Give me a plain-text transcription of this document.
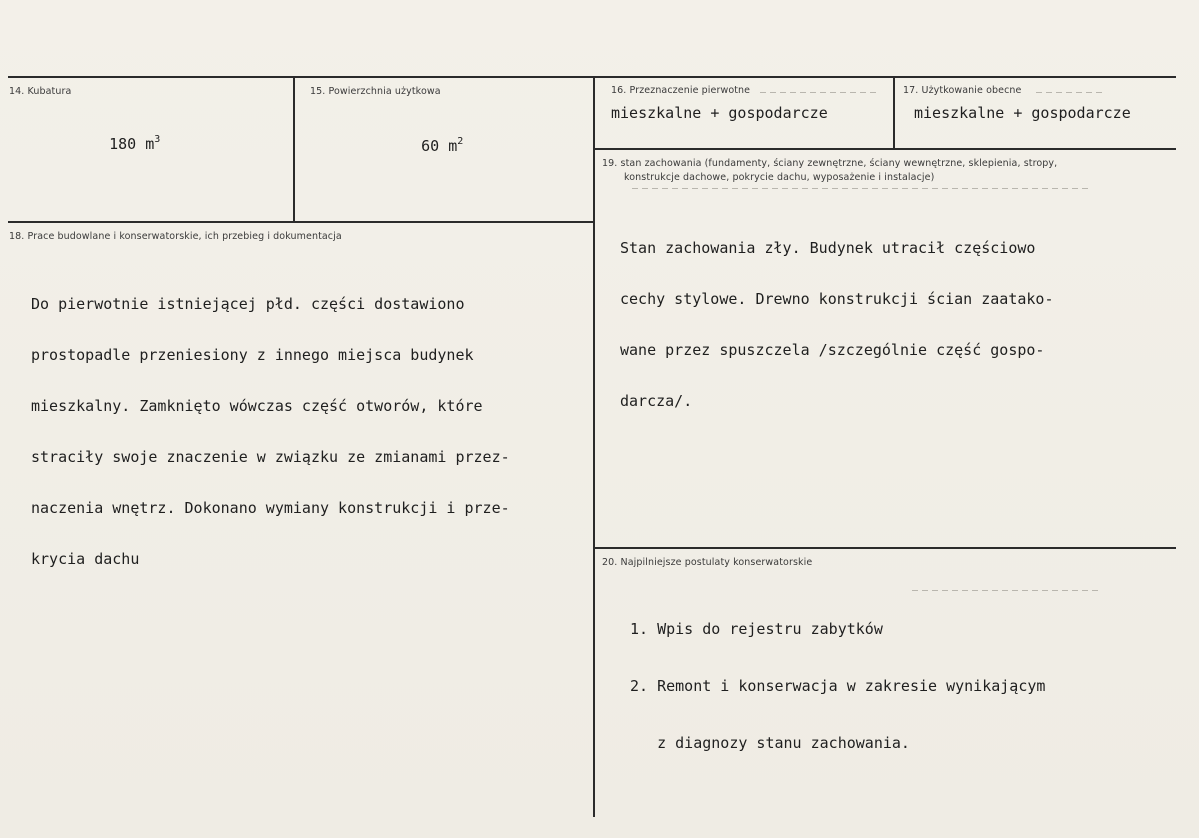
14. Kubatura

180 $m^3$

15. Powierzchnia użytkowa

60 $m^2$

16. Przeznaczenie pierwotne
mieszkalne + gospodarcze
17. Użytkowanie obecne
mieszkalne + gospodarcze
18. Prace budowlane i konserwatorskie, ich przebieg i dokumentacja

Do pierwotnie istniejącej płd. części dostawiono

prostopadle przeniesiony z innego miejsca budynek

mieszkalny. Zamknięto wówczas część otworów, które

straciły swoje znaczenie w związku ze zmianami przez-

naczenia wnętrz. Dokonano wymiany konstrukcji i prze-

krycia dachu

19. stan zachowania (fundamenty, ściany zewnętrzne, ściany wewnętrzne, sklepienia, stropy,
konstrukcje dachowe, pokrycie dachu, wyposażenie i instalacje)

Stan zachowania zły. Budynek utracił częściowo

cechy stylowe. Drewno konstrukcji ścian zaatako-

wane przez spuszczela /szczególnie część gospo-

darcza/.

20. Najpilniejsze postulaty konserwatorskie

1. Wpis do rejestru zabytków

2. Remont i konserwacja w zakresie wynikającym

z diagnozy stanu zachowania.
